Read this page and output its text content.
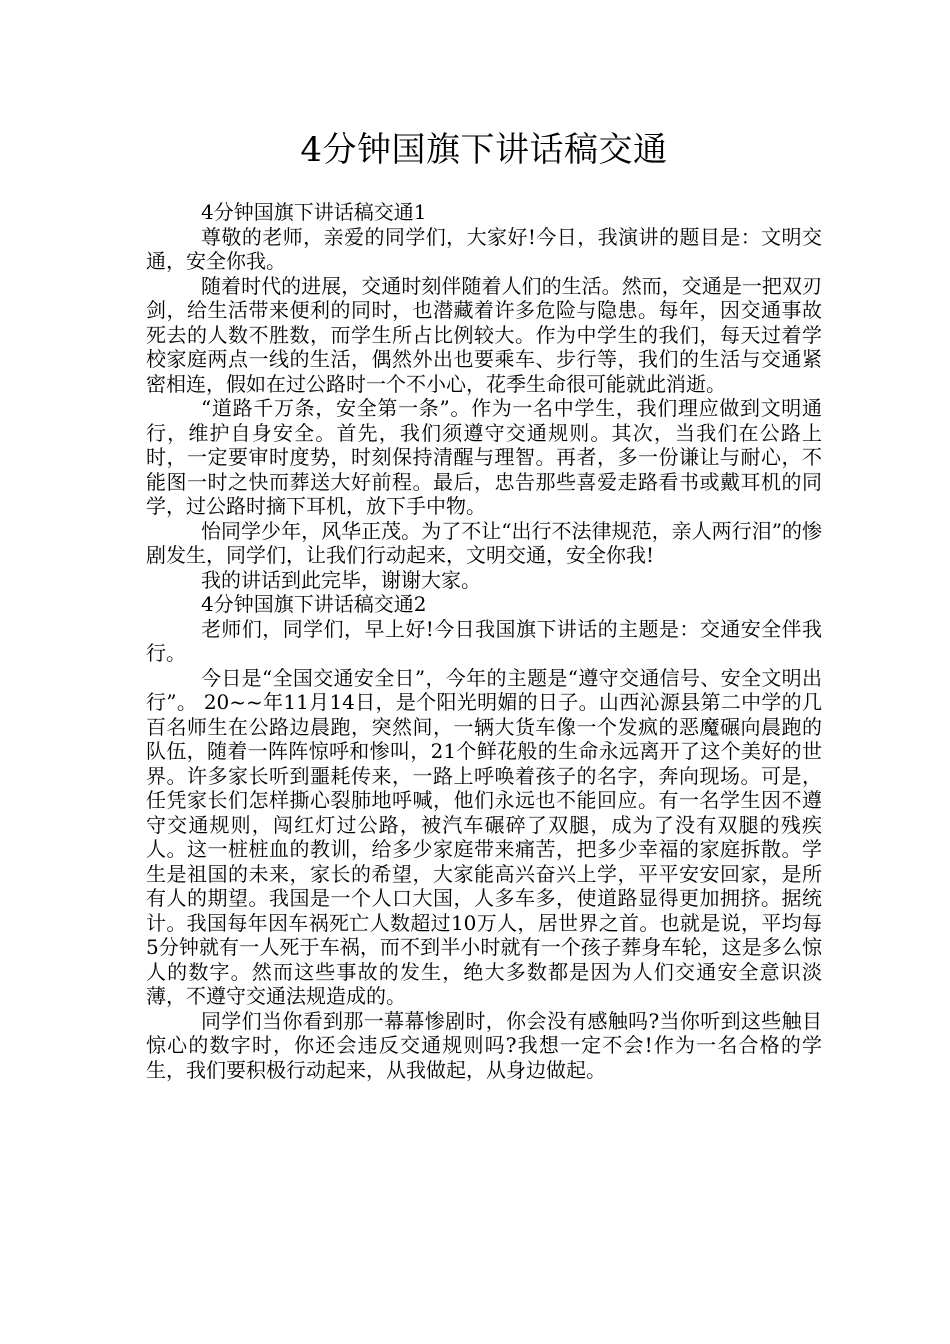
4分钟国旗下讲话稿交通

4分钟国旗下讲话稿交通1

尊敬的老师，亲爱的同学们，大家好!今日，我演讲的题目是：文明交通，安全你我。

随着时代的进展，交通时刻伴随着人们的生活。然而，交通是一把双刃剑，给生活带来便利的同时，也潜藏着许多危险与隐患。每年，因交通事故死去的人数不胜数，而学生所占比例较大。作为中学生的我们，每天过着学校家庭两点一线的生活，偶然外出也要乘车、步行等，我们的生活与交通紧密相连，假如在过公路时一个不小心，花季生命很可能就此消逝。

“道路千万条，安全第一条”。作为一名中学生，我们理应做到文明通行，维护自身安全。首先，我们须遵守交通规则。其次，当我们在公路上时，一定要审时度势，时刻保持清醒与理智。再者，多一份谦让与耐心，不能图一时之快而葬送大好前程。最后，忠告那些喜爱走路看书或戴耳机的同学，过公路时摘下耳机，放下手中物。

怡同学少年，风华正茂。为了不让“出行不法律规范，亲人两行泪”的惨剧发生，同学们，让我们行动起来，文明交通，安全你我!

我的讲话到此完毕，谢谢大家。

4分钟国旗下讲话稿交通2

老师们，同学们，早上好!今日我国旗下讲话的主题是：交通安全伴我行。

今日是“全国交通安全日”，今年的主题是“遵守交通信号、安全文明出行”。 20~~年11月14日，是个阳光明媚的日子。山西沁源县第二中学的几百名师生在公路边晨跑，突然间，一辆大货车像一个发疯的恶魔碾向晨跑的队伍，随着一阵阵惊呼和惨叫，21个鲜花般的生命永远离开了这个美好的世界。许多家长听到噩耗传来，一路上呼唤着孩子的名字，奔向现场。可是，任凭家长们怎样撕心裂肺地呼喊，他们永远也不能回应。有一名学生因不遵守交通规则，闯红灯过公路，被汽车碾碎了双腿，成为了没有双腿的残疾人。这一桩桩血的教训，给多少家庭带来痛苦，把多少幸福的家庭拆散。学生是祖国的未来，家长的希望，大家能高兴奋兴上学，平平安安回家，是所有人的期望。我国是一个人口大国，人多车多，使道路显得更加拥挤。据统计。我国每年因车祸死亡人数超过10万人，居世界之首。也就是说，平均每5分钟就有一人死于车祸，而不到半小时就有一个孩子葬身车轮，这是多么惊人的数字。然而这些事故的发生，绝大多数都是因为人们交通安全意识淡薄，不遵守交通法规造成的。

同学们当你看到那一幕幕惨剧时，你会没有感触吗?当你听到这些触目惊心的数字时，你还会违反交通规则吗?我想一定不会!作为一名合格的学生，我们要积极行动起来，从我做起，从身边做起。
